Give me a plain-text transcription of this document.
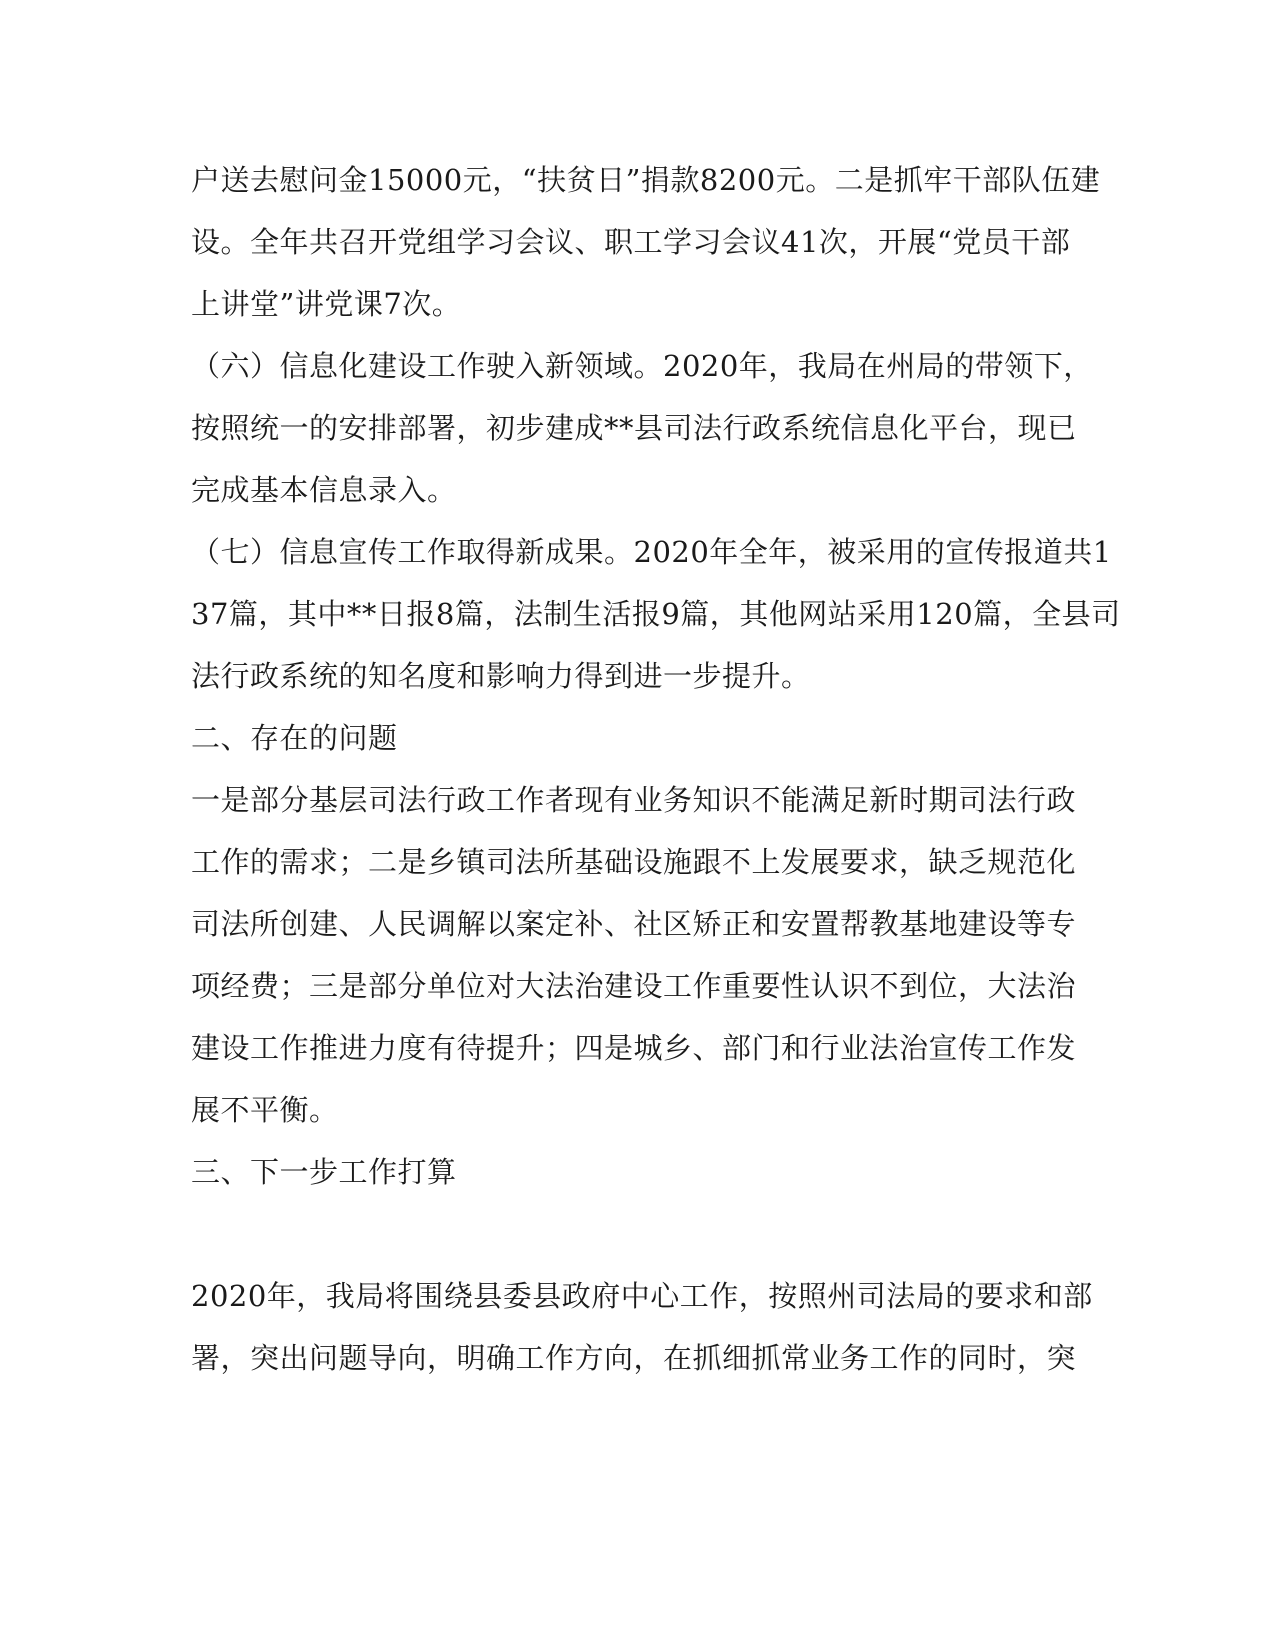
户送去慰问金15000元，“扶贫日”捐款8200元。二是抓牢干部队伍建
设。全年共召开党组学习会议、职工学习会议41次，开展“党员干部
上讲堂”讲党课7次。
（六）信息化建设工作驶入新领域。2020年，我局在州局的带领下，
按照统一的安排部署，初步建成**县司法行政系统信息化平台，现已
完成基本信息录入。
（七）信息宣传工作取得新成果。2020年全年，被采用的宣传报道共1
37篇，其中**日报8篇，法制生活报9篇，其他网站采用120篇，全县司
法行政系统的知名度和影响力得到进一步提升。
二、存在的问题
一是部分基层司法行政工作者现有业务知识不能满足新时期司法行政
工作的需求；二是乡镇司法所基础设施跟不上发展要求，缺乏规范化
司法所创建、人民调解以案定补、社区矫正和安置帮教基地建设等专
项经费；三是部分单位对大法治建设工作重要性认识不到位，大法治
建设工作推进力度有待提升；四是城乡、部门和行业法治宣传工作发
展不平衡。
三、下一步工作打算
2020年，我局将围绕县委县政府中心工作，按照州司法局的要求和部
署，突出问题导向，明确工作方向，在抓细抓常业务工作的同时，突
